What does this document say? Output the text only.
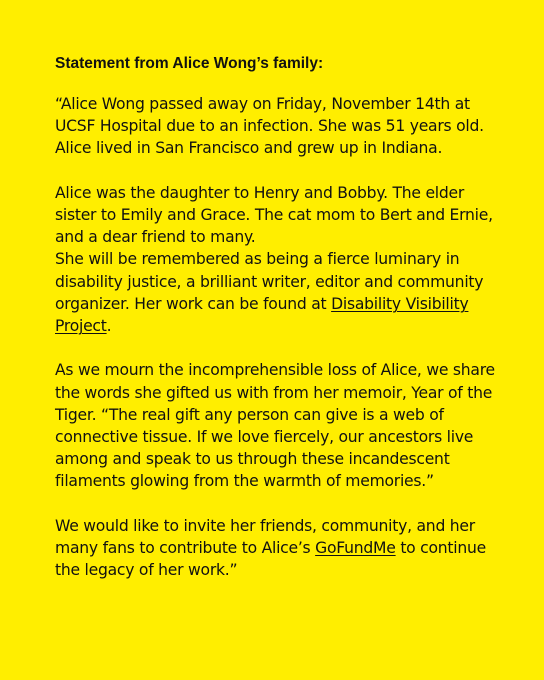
Statement from Alice Wong’s family:

“Alice Wong passed away on Friday, November 14th at UCSF Hospital due to an infection. She was 51 years old. Alice lived in San Francisco and grew up in Indiana.

Alice was the daughter to Henry and Bobby. The elder sister to Emily and Grace. The cat mom to Bert and Ernie, and a dear friend to many.

She will be remembered as being a fierce luminary in disability justice, a brilliant writer, editor and community organizer. Her work can be found at Disability Visibility Project.

As we mourn the incomprehensible loss of Alice, we share the words she gifted us with from her memoir, Year of the Tiger. “The real gift any person can give is a web of connective tissue. If we love fiercely, our ancestors live among and speak to us through these incandescent filaments glowing from the warmth of memories.”

We would like to invite her friends, community, and her many fans to contribute to Alice’s GoFundMe to continue the legacy of her work.”
